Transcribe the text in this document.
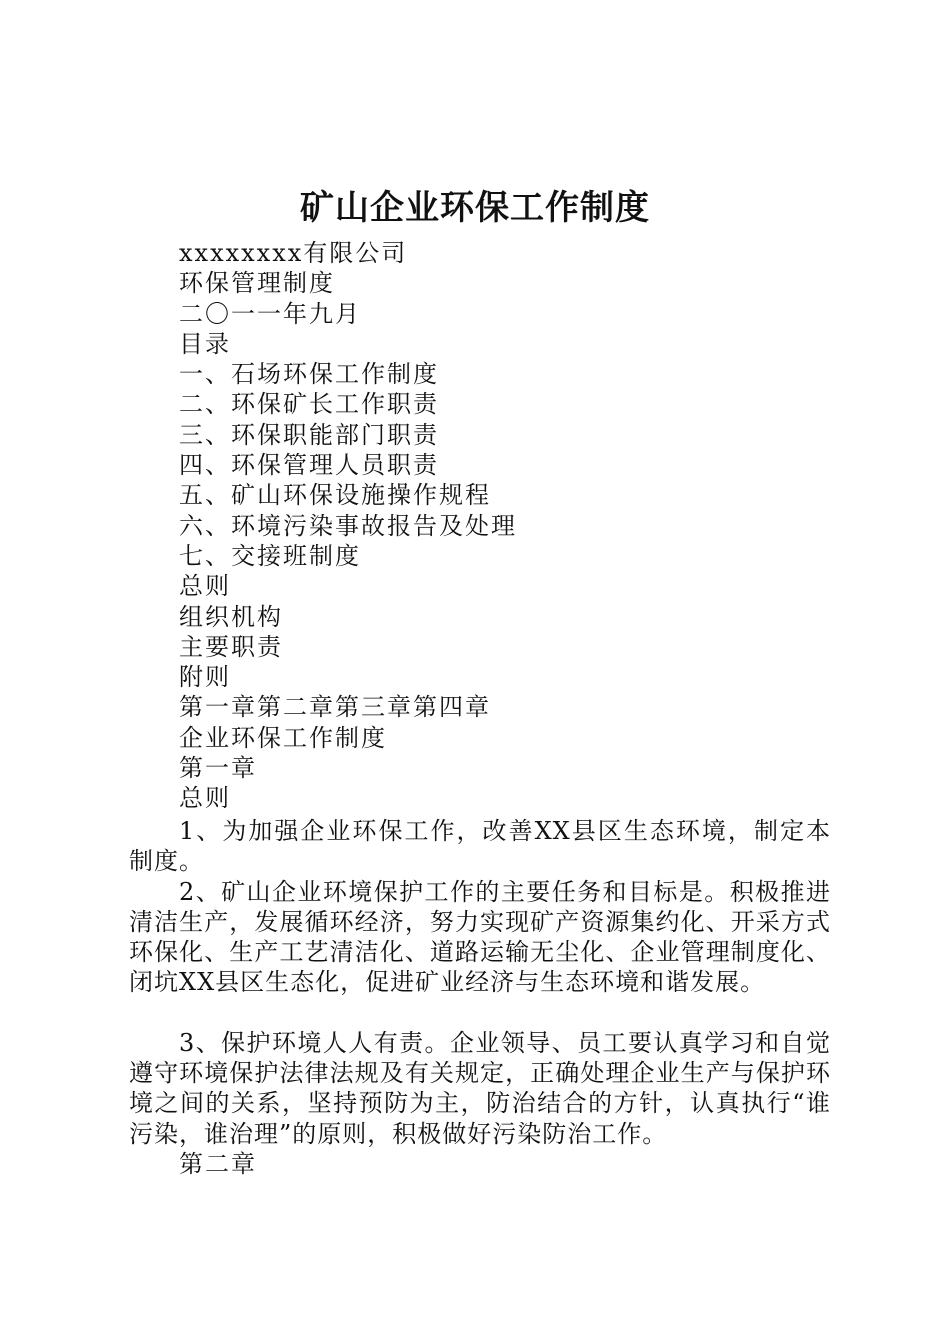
矿山企业环保工作制度
xxxxxxxx有限公司
环保管理制度
二〇一一年九月
目录
一、石场环保工作制度
二、环保矿长工作职责
三、环保职能部门职责
四、环保管理人员职责
五、矿山环保设施操作规程
六、环境污染事故报告及处理
七、交接班制度
总则
组织机构
主要职责
附则
第一章第二章第三章第四章
企业环保工作制度
第一章
总则

1、为加强企业环保工作，改善XX县区生态环境，制定本制度。

2、矿山企业环境保护工作的主要任务和目标是。积极推进清洁生产，发展循环经济，努力实现矿产资源集约化、开采方式环保化、生产工艺清洁化、道路运输无尘化、企业管理制度化、闭坑XX县区生态化，促进矿业经济与生态环境和谐发展。

3、保护环境人人有责。企业领导、员工要认真学习和自觉遵守环境保护法律法规及有关规定，正确处理企业生产与保护环境之间的关系，坚持预防为主，防治结合的方针，认真执行“谁污染，谁治理”的原则，积极做好污染防治工作。

第二章
